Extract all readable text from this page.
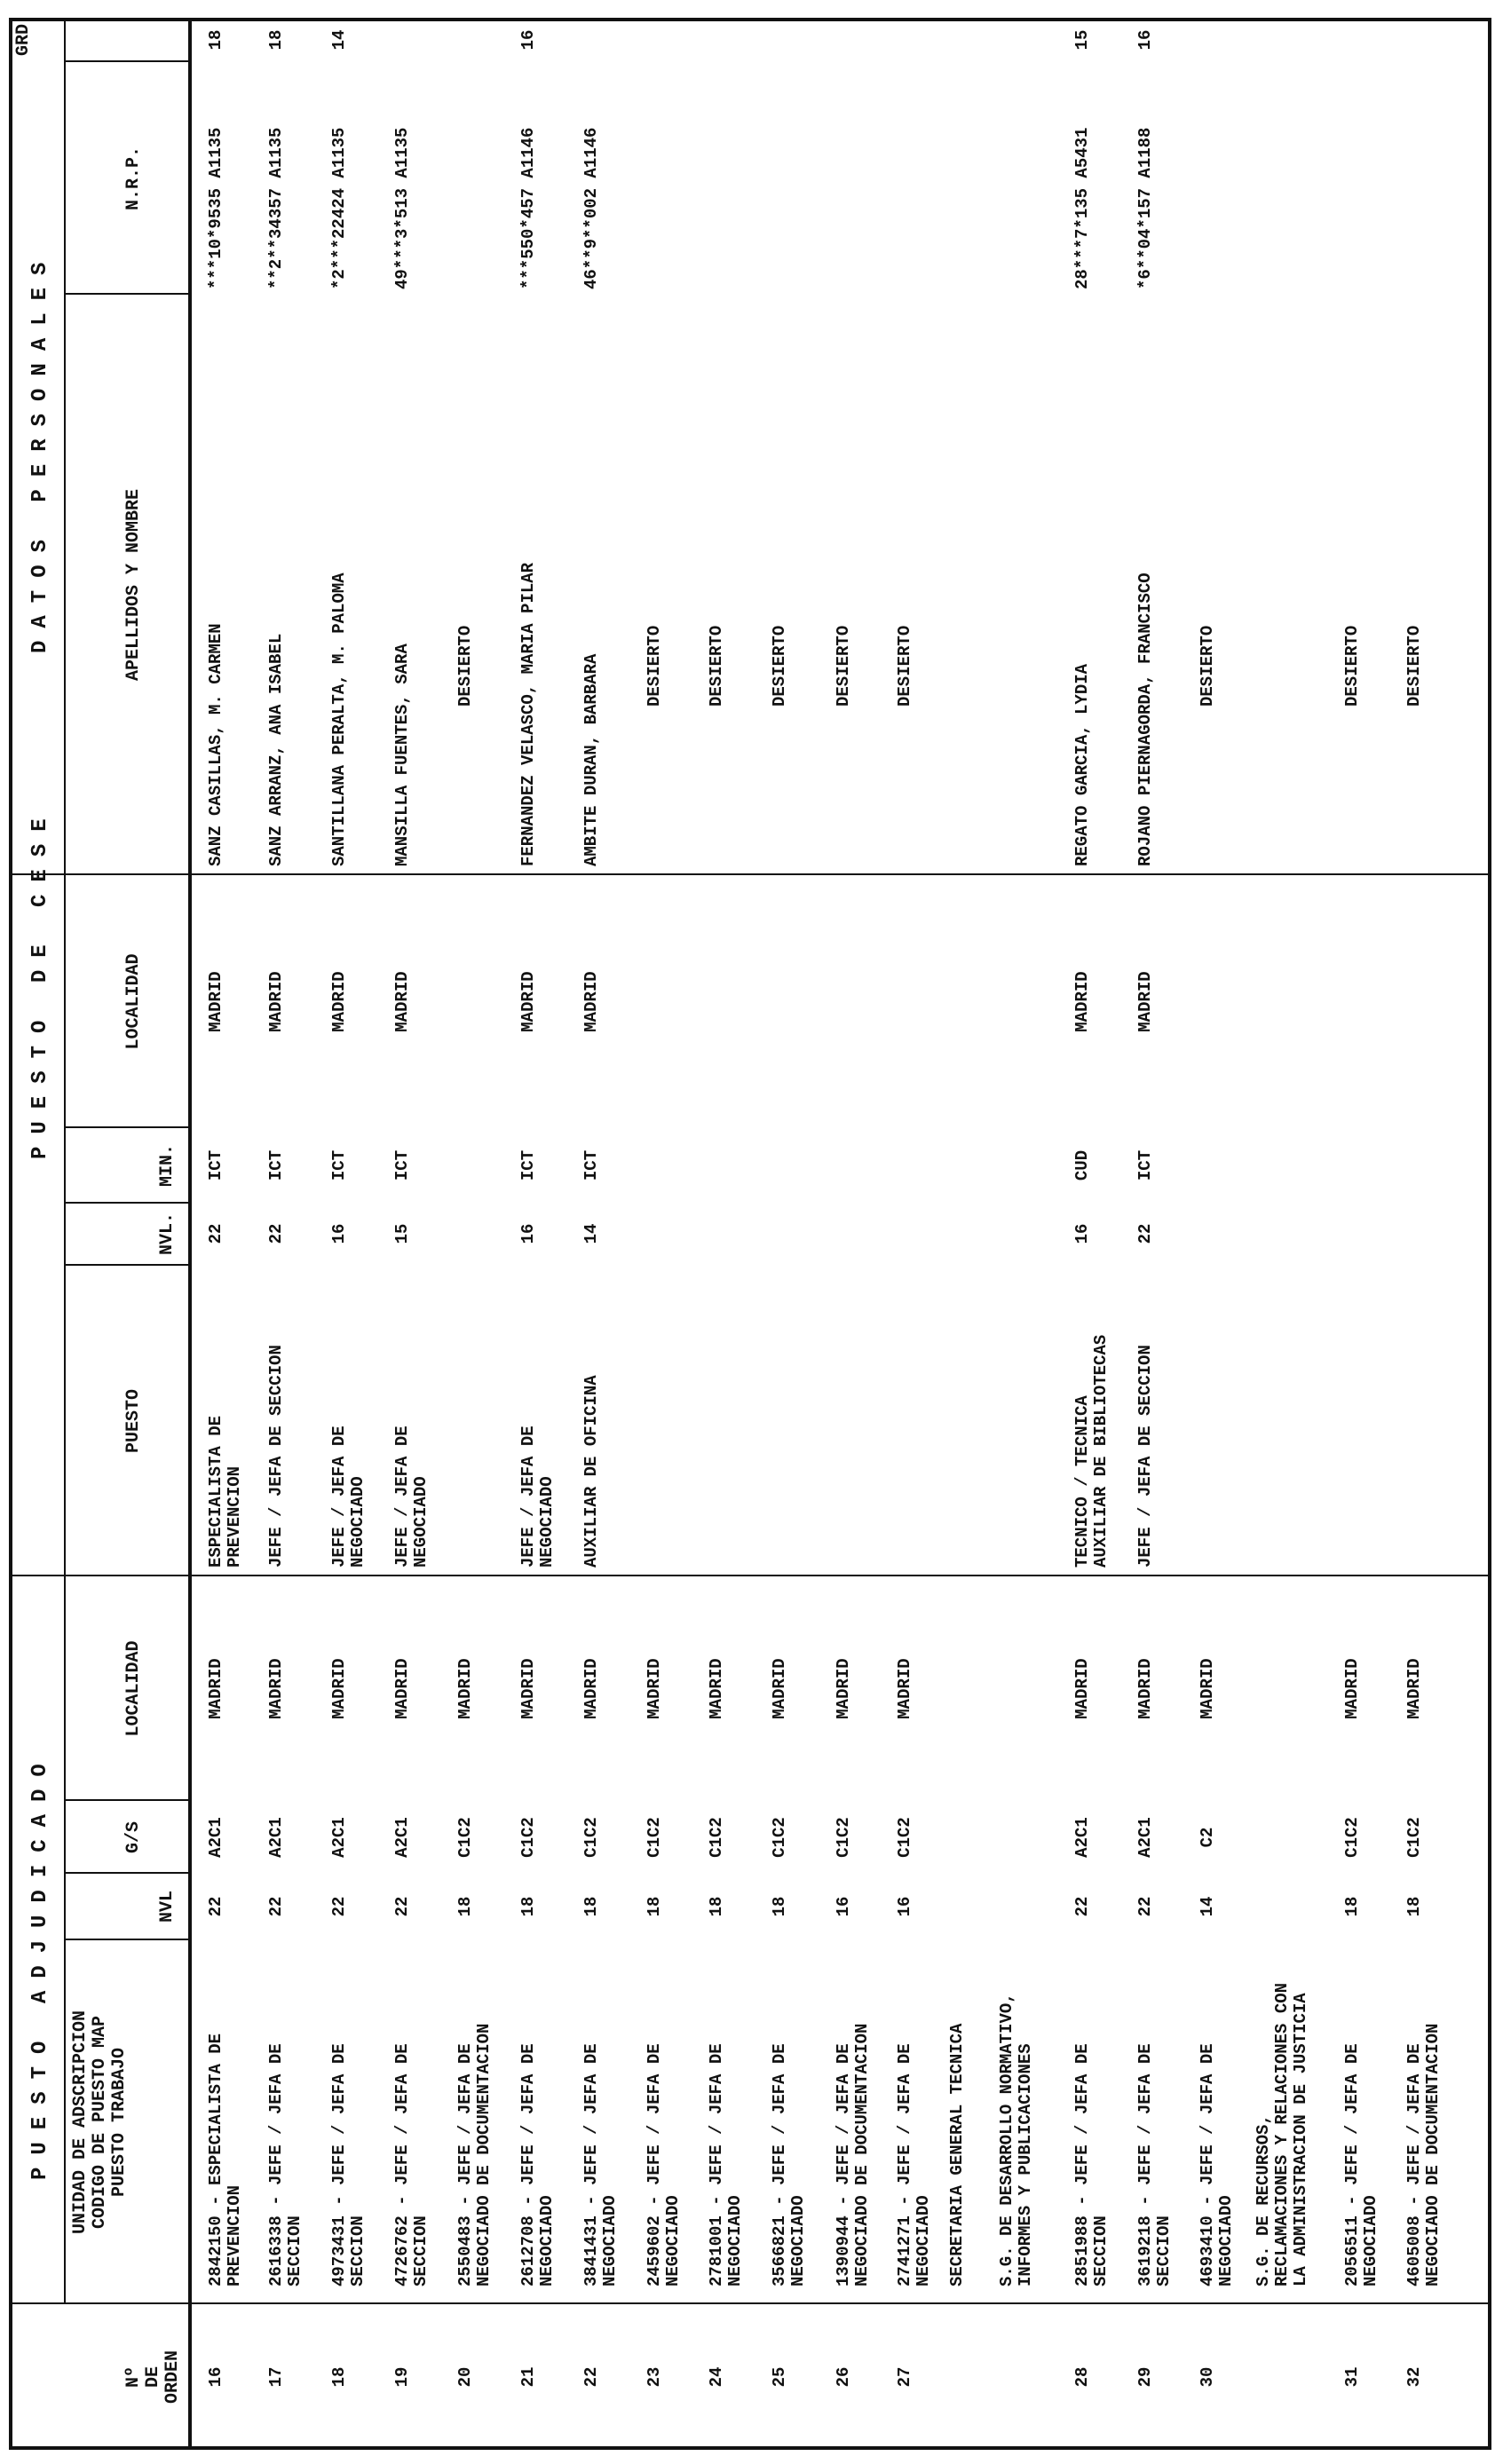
PUESTO ADJUDICADO
PUESTO DE CESE
DATOS PERSONALES
Nº
DE
ORDEN
UNIDAD DE ADSCRIPCION
CODIGO DE PUESTO MAP
PUESTO TRABAJO
NVL
G/S
LOCALIDAD
PUESTO
NVL.
MIN.
LOCALIDAD
APELLIDOS Y NOMBRE
N.R.P.
GRD
SECRETARIA GENERAL TECNICA S.G. DE DESARROLLO NORMATIVO,
INFORMES Y PUBLICACIONES
S.G. DE RECURSOS,
RECLAMACIONES Y RELACIONES CON
LA ADMINISTRACION DE JUSTICIA
16
2842150 - ESPECIALISTA DE
PREVENCION
22
A2C1
MADRID
ESPECIALISTA DE
PREVENCION
22
ICT
MADRID
SANZ CASILLAS, M. CARMEN
***10*9535 A1135
18
17
2616338 - JEFE / JEFA DE
SECCION
22
A2C1
MADRID
JEFE / JEFA DE SECCION
22
ICT
MADRID
SANZ ARRANZ, ANA ISABEL
**2**34357 A1135
18
18
4973431 - JEFE / JEFA DE
SECCION
22
A2C1
MADRID
JEFE / JEFA DE
NEGOCIADO
16
ICT
MADRID
SANTILLANA PERALTA, M. PALOMA
*2***22424 A1135
14
19
4726762 - JEFE / JEFA DE
SECCION
22
A2C1
MADRID
JEFE / JEFA DE
NEGOCIADO
15
ICT
MADRID
MANSILLA FUENTES, SARA
49***3*513 A1135
20
2550483 - JEFE / JEFA DE
NEGOCIADO DE DOCUMENTACION
18
C1C2
MADRID
DESIERTO
21
2612708 - JEFE / JEFA DE
NEGOCIADO
18
C1C2
MADRID
JEFE / JEFA DE
NEGOCIADO
16
ICT
MADRID
FERNANDEZ VELASCO, MARIA PILAR
***550*457 A1146
16
22
3841431 - JEFE / JEFA DE
NEGOCIADO
18
C1C2
MADRID
AUXILIAR DE OFICINA
14
ICT
MADRID
AMBITE DURAN, BARBARA
46**9**002 A1146
23
2459602 - JEFE / JEFA DE
NEGOCIADO
18
C1C2
MADRID
DESIERTO
24
2781001 - JEFE / JEFA DE
NEGOCIADO
18
C1C2
MADRID
DESIERTO
25
3566821 - JEFE / JEFA DE
NEGOCIADO
18
C1C2
MADRID
DESIERTO
26
1390944 - JEFE / JEFA DE
NEGOCIADO DE DOCUMENTACION
16
C1C2
MADRID
DESIERTO
27
2741271 - JEFE / JEFA DE
NEGOCIADO
16
C1C2
MADRID
DESIERTO
28
2851988 - JEFE / JEFA DE
SECCION
22
A2C1
MADRID
TECNICO / TECNICA
AUXILIAR DE BIBLIOTECAS
16
CUD
MADRID
REGATO GARCIA, LYDIA
28***7*135 A5431
15
29
3619218 - JEFE / JEFA DE
SECCION
22
A2C1
MADRID
JEFE / JEFA DE SECCION
22
ICT
MADRID
ROJANO PIERNAGORDA, FRANCISCO
*6**04*157 A1188
16
30
4693410 - JEFE / JEFA DE
NEGOCIADO
14
C2
MADRID
DESIERTO
31
2056511 - JEFE / JEFA DE
NEGOCIADO
18
C1C2
MADRID
DESIERTO
32
4605008 - JEFE / JEFA DE
NEGOCIADO DE DOCUMENTACION
18
C1C2
MADRID
DESIERTO
